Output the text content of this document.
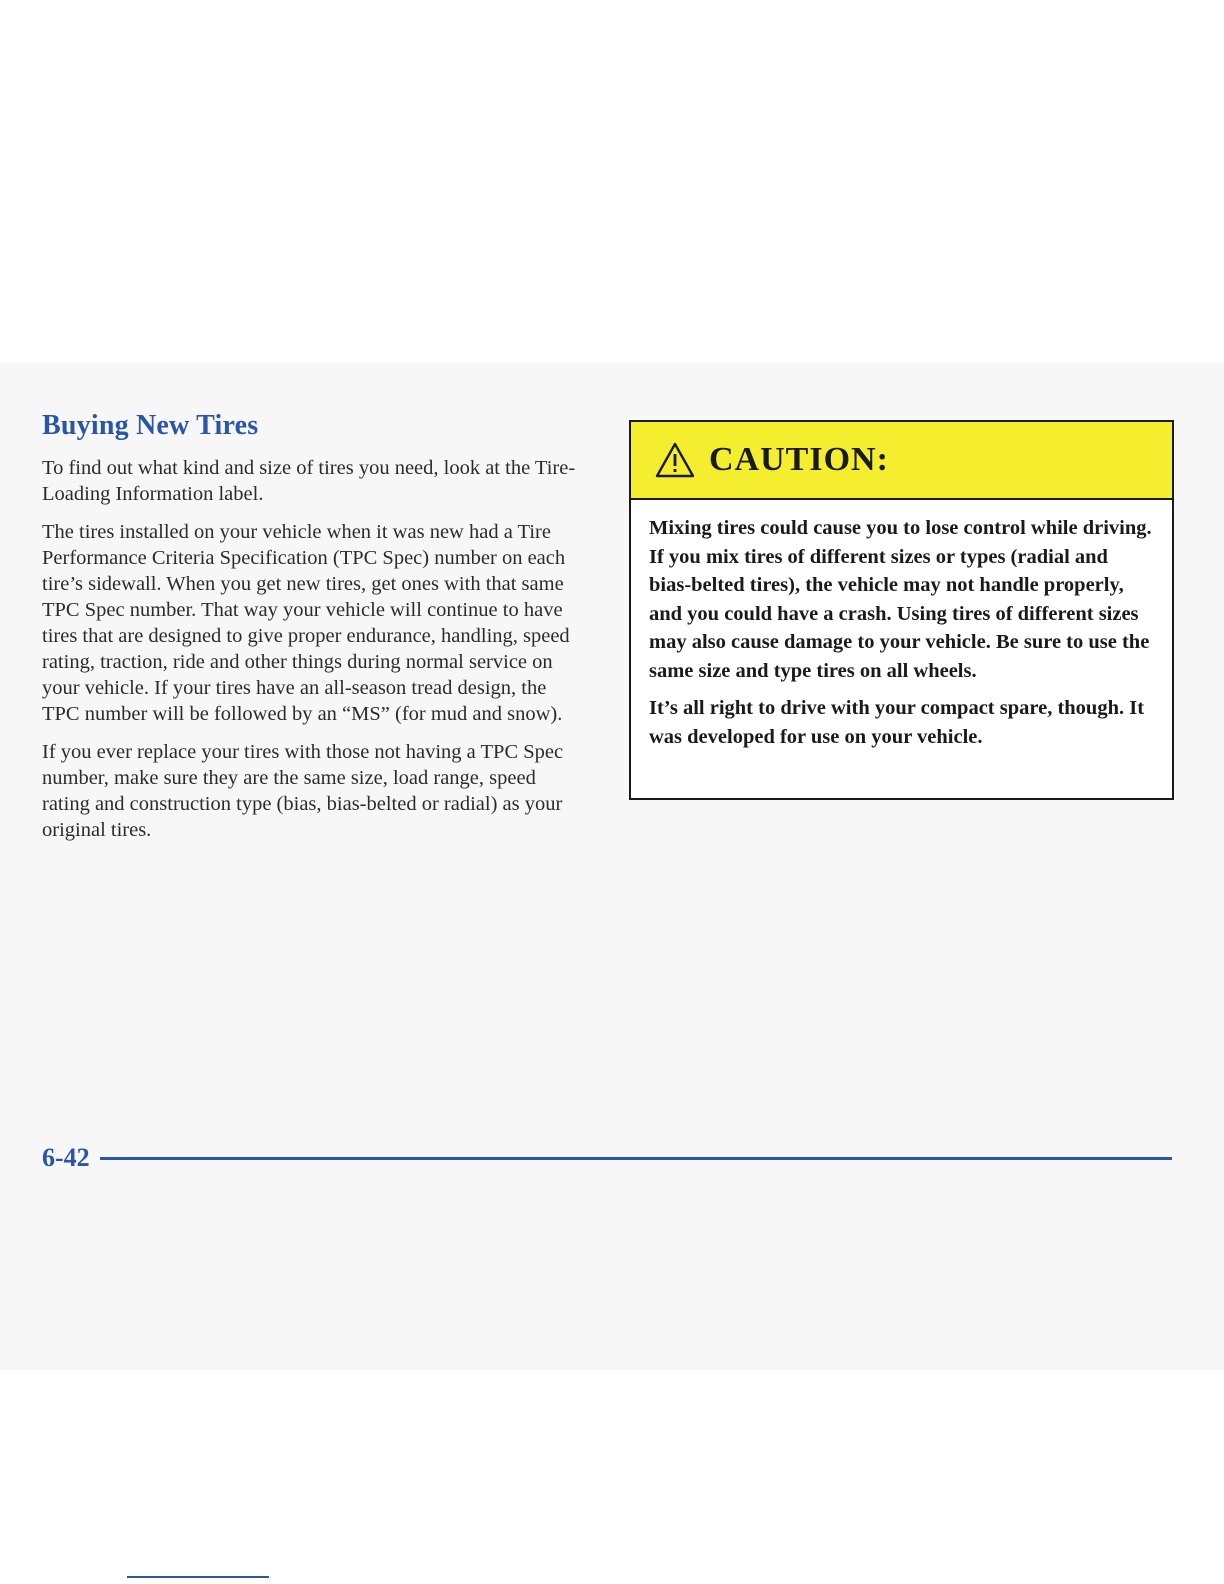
Buying New Tires

To find out what kind and size of tires you need, look at the Tire-Loading Information label.

The tires installed on your vehicle when it was new had a Tire Performance Criteria Specification (TPC Spec) number on each tire’s sidewall. When you get new tires, get ones with that same TPC Spec number. That way your vehicle will continue to have tires that are designed to give proper endurance, handling, speed rating, traction, ride and other things during normal service on your vehicle. If your tires have an all-season tread design, the TPC number will be followed by an “MS” (for mud and snow).

If you ever replace your tires with those not having a TPC Spec number, make sure they are the same size, load range, speed rating and construction type (bias, bias-belted or radial) as your original tires.

CAUTION:

Mixing tires could cause you to lose control while driving. If you mix tires of different sizes or types (radial and bias-belted tires), the vehicle may not handle properly, and you could have a crash. Using tires of different sizes may also cause damage to your vehicle. Be sure to use the same size and type tires on all wheels.

It’s all right to drive with your compact spare, though. It was developed for use on your vehicle.

6-42
